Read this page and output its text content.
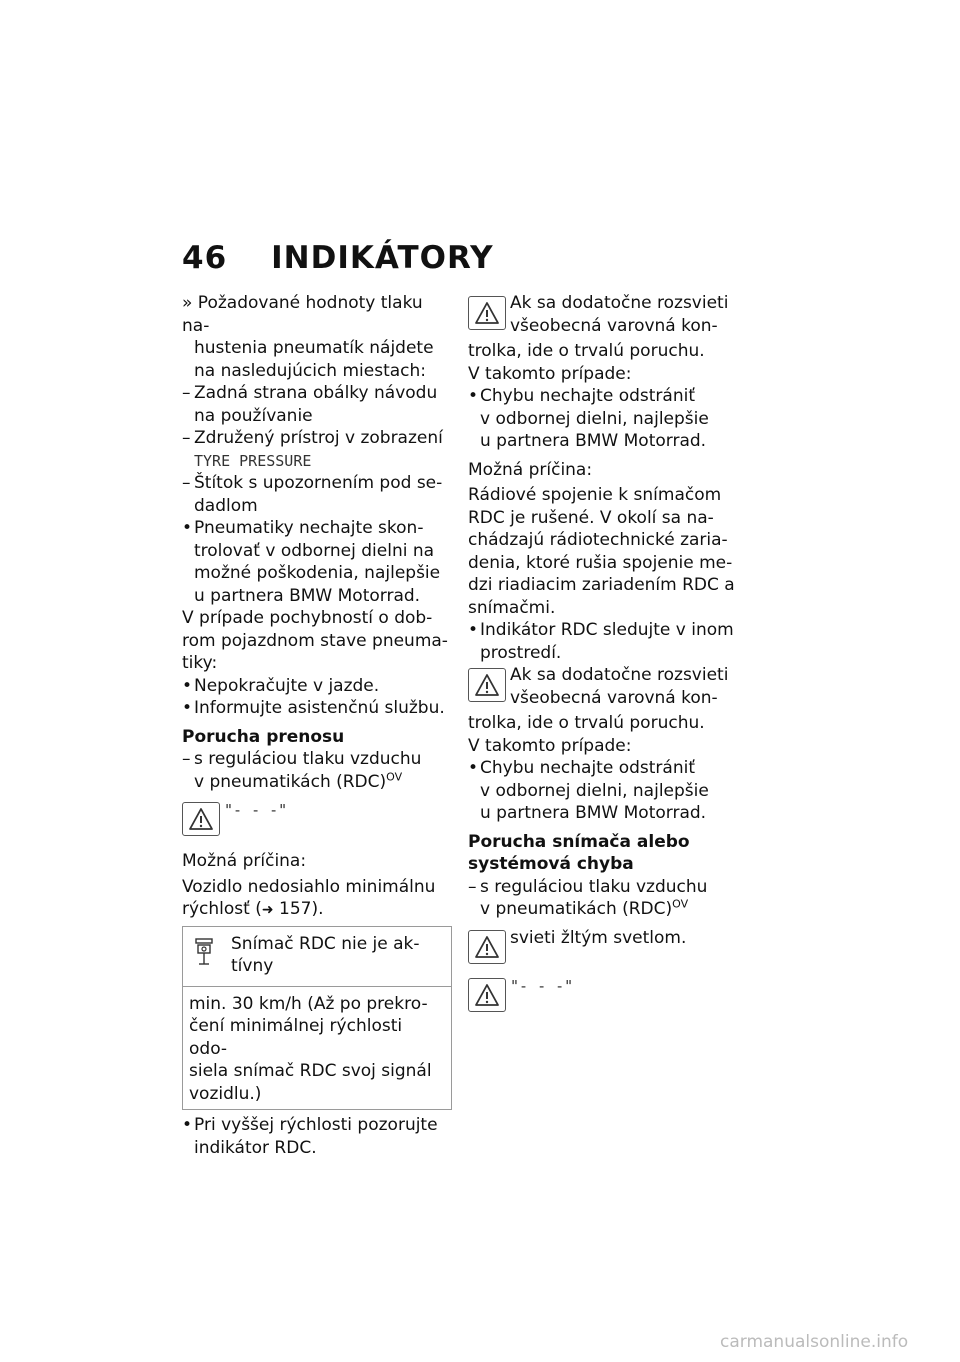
46 INDIKÁTORY
» Požadované hodnoty tlaku na-
hustenia pneumatík nájdete
na nasledujúcich miestach:
– Zadná strana obálky návodu
na používanie
– Združený prístroj v zobrazení
TYRE PRESSURE
– Štítok s upozornením pod se-
dadlom
• Pneumatiky nechajte skon-
trolovať v odbornej dielni na
možné poškodenia, najlepšie
u partnera BMW Motorrad.
V prípade pochybností o dob-
rom pojazdnom stave pneuma-
tiky:
• Nepokračujte v jazde.
• Informujte asistenčnú službu.
Porucha prenosu
– s reguláciou tlaku vzduchu
v pneumatikách (RDC)$^{OV}$
"- - -"
Možná príčina:
Vozidlo nedosiahlo minimálnu
rýchlosť (➜ 157).
Snímač RDC nie je ak-
tívny
min. 30 km/h (Až po prekro-
čení minimálnej rýchlosti odo-
siela snímač RDC svoj signál
vozidlu.)
• Pri vyššej rýchlosti pozorujte
indikátor RDC.
Ak sa dodatočne rozsvieti
všeobecná varovná kon-
trolka, ide o trvalú poruchu.
V takomto prípade:
• Chybu nechajte odstrániť
v odbornej dielni, najlepšie
u partnera BMW Motorrad.
Možná príčina:
Rádiové spojenie k snímačom
RDC je rušené. V okolí sa na-
chádzajú rádiotechnické zaria-
denia, ktoré rušia spojenie me-
dzi riadiacim zariadením RDC a
snímačmi.
• Indikátor RDC sledujte v inom
prostredí.
Ak sa dodatočne rozsvieti
všeobecná varovná kon-
trolka, ide o trvalú poruchu.
V takomto prípade:
• Chybu nechajte odstrániť
v odbornej dielni, najlepšie
u partnera BMW Motorrad.
Porucha snímača alebo
systémová chyba
– s reguláciou tlaku vzduchu
v pneumatikách (RDC)$^{OV}$
svieti žltým svetlom.
"- - -"
carmanualsonline.info
